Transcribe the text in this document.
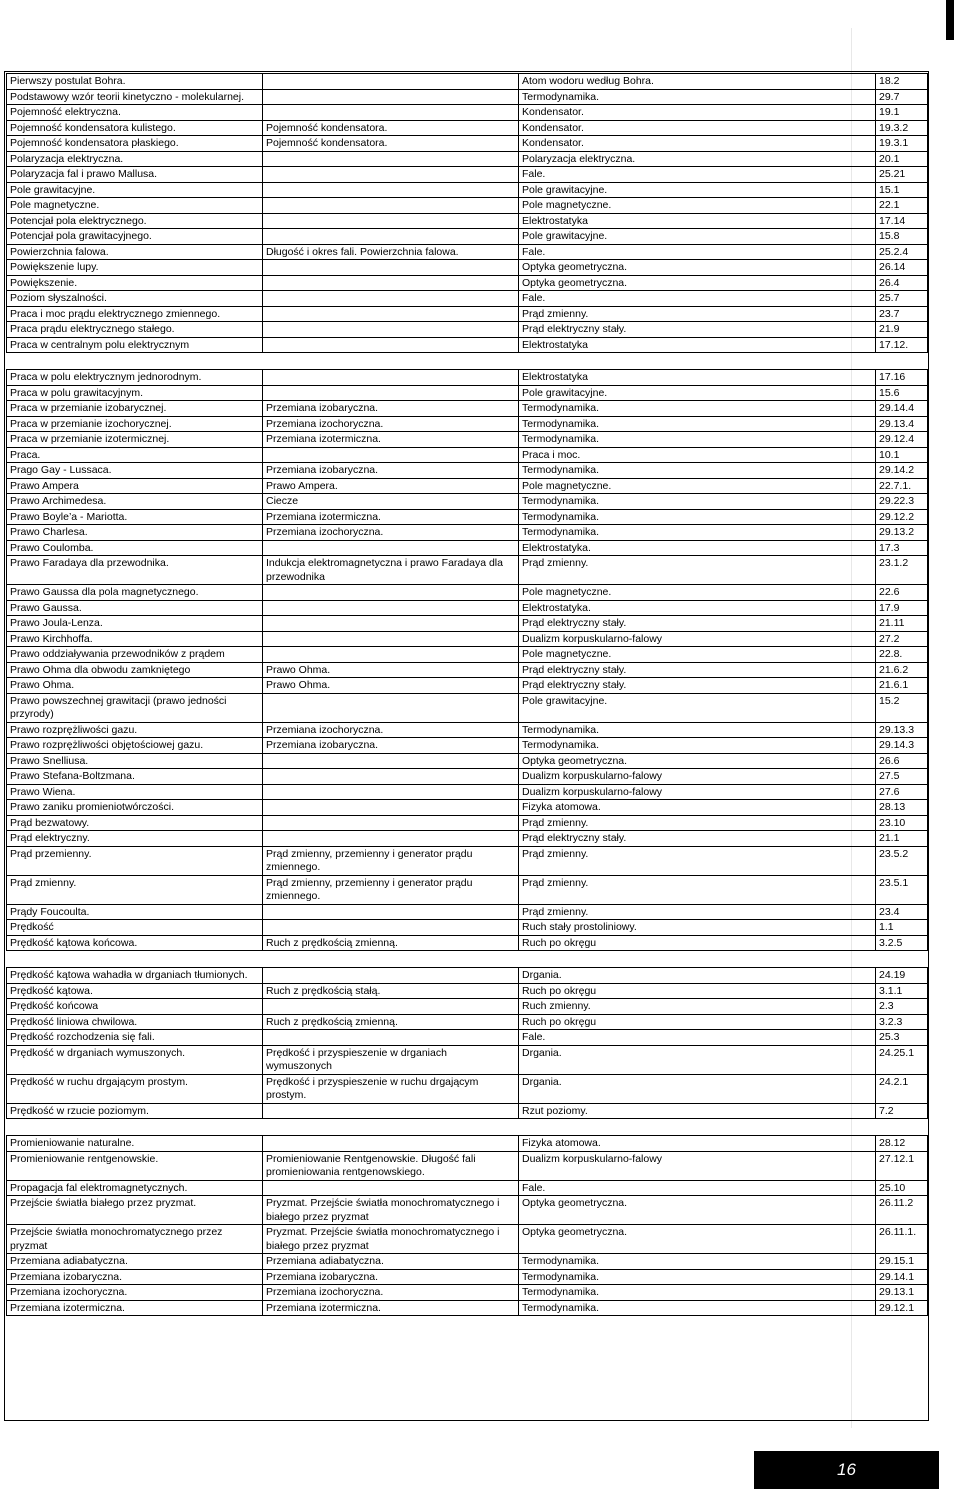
Pierwszy postulat Bohra.		Atom wodoru według Bohra.	18.2
Podstawowy wzór teorii kinetyczno - molekularnej.		Termodynamika.	29.7
Pojemność elektryczna.		Kondensator.	19.1
Pojemność kondensatora kulistego.	Pojemność kondensatora.	Kondensator.	19.3.2
Pojemność kondensatora płaskiego.	Pojemność kondensatora.	Kondensator.	19.3.1
Polaryzacja elektryczna.		Polaryzacja elektryczna.	20.1
Polaryzacja fal i prawo Mallusa.		Fale.	25.21
Pole grawitacyjne.		Pole grawitacyjne.	15.1
Pole magnetyczne.		Pole magnetyczne.	22.1
Potencjał pola elektrycznego.		Elektrostatyka	17.14
Potencjał pola grawitacyjnego.		Pole grawitacyjne.	15.8
Powierzchnia falowa.	Długość i okres fali. Powierzchnia falowa.	Fale.	25.2.4
Powiększenie lupy.		Optyka geometryczna.	26.14
Powiększenie.		Optyka geometryczna.	26.4
Poziom słyszalności.		Fale.	25.7
Praca i moc prądu elektrycznego zmiennego.		Prąd zmienny.	23.7
Praca prądu elektrycznego stałego.		Prąd elektryczny stały.	21.9
Praca w centralnym polu elektrycznym		Elektrostatyka	17.12.

Praca w polu elektrycznym jednorodnym.		Elektrostatyka	17.16
Praca w polu grawitacyjnym.		Pole grawitacyjne.	15.6
Praca w przemianie izobarycznej.	Przemiana izobaryczna.	Termodynamika.	29.14.4
Praca w przemianie izochorycznej.	Przemiana izochoryczna.	Termodynamika.	29.13.4
Praca w przemianie izotermicznej.	Przemiana izotermiczna.	Termodynamika.	29.12.4
Praca.		Praca i moc.	10.1
Prago Gay - Lussaca.	Przemiana izobaryczna.	Termodynamika.	29.14.2
Prawo Ampera	Prawo Ampera.	Pole magnetyczne.	22.7.1.
Prawo Archimedesa.	Ciecze	Termodynamika.	29.22.3
Prawo Boyle’a - Mariotta.	Przemiana izotermiczna.	Termodynamika.	29.12.2
Prawo Charlesa.	Przemiana izochoryczna.	Termodynamika.	29.13.2
Prawo Coulomba.		Elektrostatyka.	17.3
Prawo Faradaya dla przewodnika.	Indukcja elektromagnetyczna i prawo Faradaya dla przewodnika	Prąd zmienny.	23.1.2
Prawo Gaussa dla pola magnetycznego.		Pole magnetyczne.	22.6
Prawo Gaussa.		Elektrostatyka.	17.9
Prawo Joula-Lenza.		Prąd elektryczny stały.	21.11
Prawo Kirchhoffa.		Dualizm korpuskularno-falowy	27.2
Prawo oddziaływania przewodników z prądem		Pole magnetyczne.	22.8.
Prawo Ohma dla obwodu zamkniętego	Prawo Ohma.	Prąd elektryczny stały.	21.6.2
Prawo Ohma.	Prawo Ohma.	Prąd elektryczny stały.	21.6.1
Prawo powszechnej grawitacji (prawo jedności przyrody)		Pole grawitacyjne.	15.2
Prawo rozprężliwości gazu.	Przemiana izochoryczna.	Termodynamika.	29.13.3
Prawo rozprężliwości objętościowej gazu.	Przemiana izobaryczna.	Termodynamika.	29.14.3
Prawo Snelliusa.		Optyka geometryczna.	26.6
Prawo Stefana-Boltzmana.		Dualizm korpuskularno-falowy	27.5
Prawo Wiena.		Dualizm korpuskularno-falowy	27.6
Prawo zaniku promieniotwórczości.		Fizyka atomowa.	28.13
Prąd bezwatowy.		Prąd zmienny.	23.10
Prąd elektryczny.		Prąd elektryczny stały.	21.1
Prąd przemienny.	Prąd zmienny, przemienny i generator prądu zmiennego.	Prąd zmienny.	23.5.2
Prąd zmienny.	Prąd zmienny, przemienny i generator prądu zmiennego.	Prąd zmienny.	23.5.1
Prądy Foucoulta.		Prąd zmienny.	23.4
Prędkość		Ruch stały prostoliniowy.	1.1
Prędkość kątowa końcowa.	Ruch z prędkością zmienną.	Ruch po okręgu	3.2.5

Prędkość kątowa wahadła w drganiach tłumionych.		Drgania.	24.19
Prędkość kątowa.	Ruch z prędkością stałą.	Ruch po okręgu	3.1.1
Prędkość końcowa		Ruch zmienny.	2.3
Prędkość liniowa chwilowa.	Ruch z prędkością zmienną.	Ruch po okręgu	3.2.3
Prędkość rozchodzenia się fali.		Fale.	25.3
Prędkość w drganiach wymuszonych.	Prędkość i przyspieszenie w drganiach wymuszonych	Drgania.	24.25.1
Prędkość w ruchu drgającym prostym.	Prędkość i przyspieszenie w ruchu drgającym prostym.	Drgania.	24.2.1
Prędkość w rzucie poziomym.		Rzut poziomy.	7.2

Promieniowanie naturalne.		Fizyka atomowa.	28.12
Promieniowanie rentgenowskie.	Promieniowanie Rentgenowskie. Długość fali promieniowania rentgenowskiego.	Dualizm korpuskularno-falowy	27.12.1
Propagacja fal elektromagnetycznych.		Fale.	25.10
Przejście światła białego przez pryzmat.	Pryzmat. Przejście światła monochromatycznego i białego przez pryzmat	Optyka geometryczna.	26.11.2
Przejście światła monochromatycznego przez pryzmat	Pryzmat. Przejście światła monochromatycznego i białego przez pryzmat	Optyka geometryczna.	26.11.1.
Przemiana adiabatyczna.	Przemiana adiabatyczna.	Termodynamika.	29.15.1
Przemiana izobaryczna.	Przemiana izobaryczna.	Termodynamika.	29.14.1
Przemiana izochoryczna.	Przemiana izochoryczna.	Termodynamika.	29.13.1
Przemiana izotermiczna.	Przemiana izotermiczna.	Termodynamika.	29.12.1
16
